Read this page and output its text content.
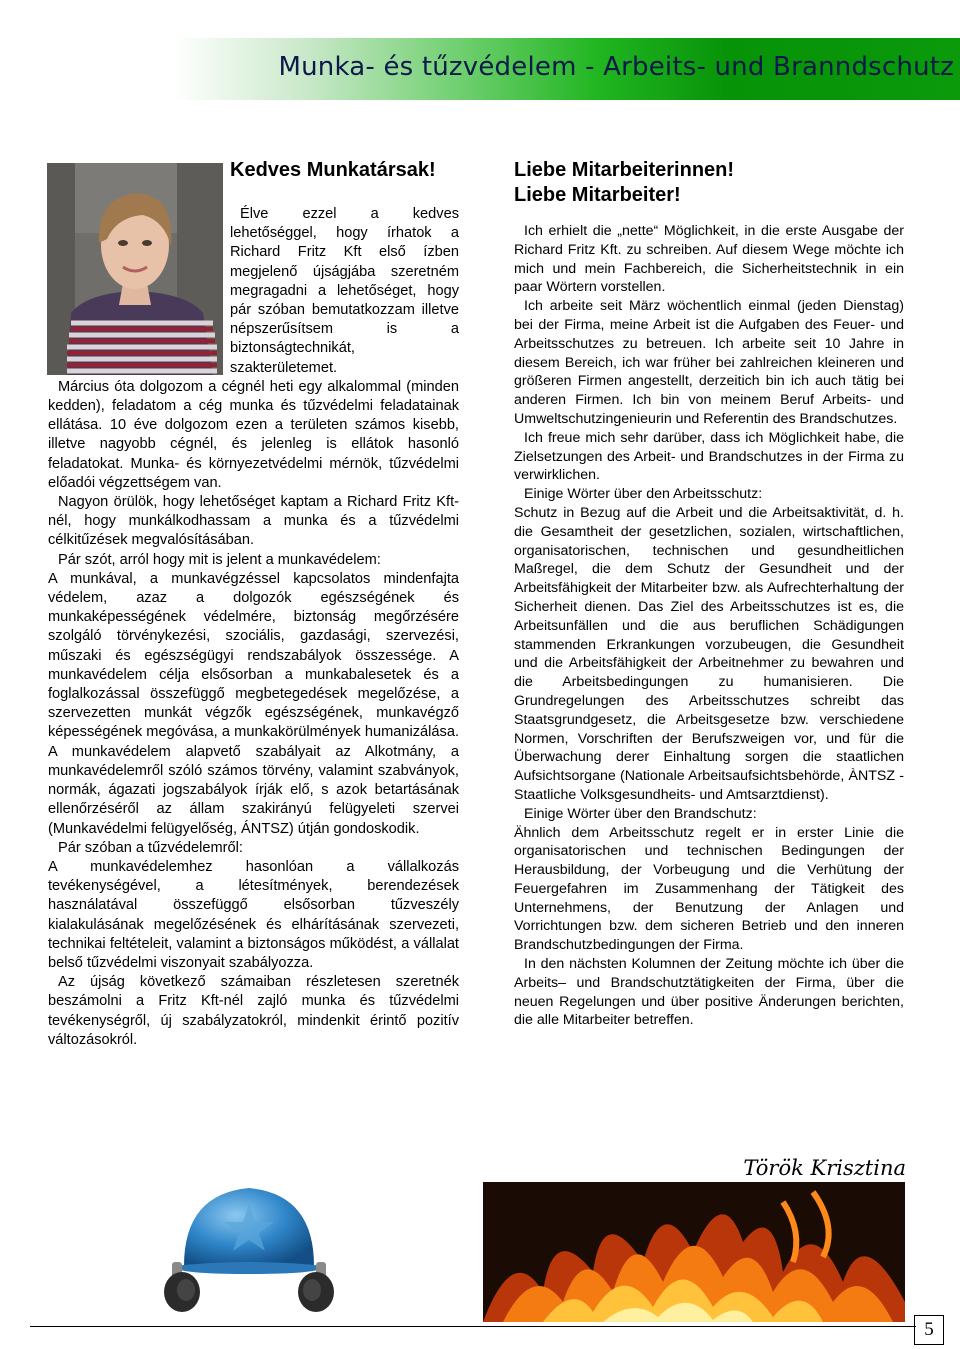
Munka- és tűzvédelem - Arbeits- und Branndschutz
Kedves Munkatársak!

Élve ezzel a kedves lehetőséggel, hogy írhatok a Richard Fritz Kft első ízben megjelenő újságjába szeretném megragadni a lehetőséget, hogy pár szóban bemutatkozzam illetve népszerűsítsem is a biztonságtechnikát, szakterületemet.

Március óta dolgozom a cégnél heti egy alkalommal (minden kedden), feladatom a cég munka és tűzvédelmi feladatainak ellátása. 10 éve dolgozom ezen a területen számos kisebb, illetve nagyobb cégnél, és jelenleg is ellátok hasonló feladatokat. Munka- és környezetvédelmi mérnök, tűzvédelmi előadói végzettségem van.

Nagyon örülök, hogy lehetőséget kaptam a Richard Fritz Kft-nél, hogy munkálkodhassam a munka és a tűzvédelmi célkitűzések megvalósításában.

Pár szót, arról hogy mit is jelent a munkavédelem:

A munkával, a munkavégzéssel kapcsolatos mindenfajta védelem, azaz a dolgozók egészségének és munkaképességének védelmére, biztonság megőrzésére szolgáló törvénykezési, szociális, gazdasági, szervezési, műszaki és egészségügyi rendszabályok összessége. A munkavédelem célja elsősorban a munkabalesetek és a foglalkozással összefüggő megbetegedések megelőzése, a szervezetten munkát végzők egészségének, munkavégző képességének megóvása, a munkakörülmények humanizálása. A munkavédelem alapvető szabályait az Alkotmány, a munkavédelemről szóló számos törvény, valamint szabványok, normák, ágazati jogszabályok írják elő, s azok betartásának ellenőrzéséről az állam szakirányú felügyeleti szervei (Munkavédelmi felügyelőség, ÁNTSZ) útján gondoskodik.

Pár szóban a tűzvédelemről:

A munkavédelemhez hasonlóan a vállalkozás tevékenységével, a létesítmények, berendezések használatával összefüggő elsősorban tűzveszély kialakulásának megelőzésének és elhárításának szervezeti, technikai feltételeit, valamint a biztonságos működést, a vállalat belső tűzvédelmi viszonyait szabályozza.

Az újság következő számaiban részletesen szeretnék beszámolni a Fritz Kft-nél zajló munka és tűzvédelmi tevékenységről, új szabályzatokról, mindenkit érintő pozitív változásokról.

Liebe Mitarbeiterinnen!
Liebe Mitarbeiter!

Ich erhielt die „nette“ Möglichkeit, in die erste Ausgabe der Richard Fritz Kft. zu schreiben. Auf diesem Wege möchte ich mich und mein Fachbereich, die Sicherheitstechnik in ein paar Wörtern vorstellen.

Ich arbeite seit März wöchentlich einmal (jeden Dienstag) bei der Firma, meine Arbeit ist die Aufgaben des Feuer- und Arbeitsschutzes zu betreuen. Ich arbeite seit 10 Jahre in diesem Bereich, ich war früher bei zahlreichen kleineren und größeren Firmen angestellt, derzeitich bin ich auch tätig bei anderen Firmen. Ich bin von meinem Beruf Arbeits- und Umweltschutzingenieurin und Referentin des Brandschutzes.

Ich freue mich sehr darüber, dass ich Möglichkeit habe, die Zielsetzungen des Arbeit- und Brandschutzes in der Firma zu verwirklichen.

Einige Wörter über den Arbeitsschutz:

Schutz in Bezug auf die Arbeit und die Arbeitsaktivität, d. h. die Gesamtheit der gesetzlichen, sozialen, wirtschaftlichen, organisatorischen, technischen und gesundheitlichen Maßregel, die dem Schutz der Gesundheit und der Arbeitsfähigkeit der Mitarbeiter bzw. als Aufrechterhaltung der Sicherheit dienen. Das Ziel des Arbeitsschutzes ist es, die Arbeitsunfällen und die aus beruflichen Schädigungen stammenden Erkrankungen vorzubeugen, die Gesundheit und die Arbeitsfähigkeit der Arbeitnehmer zu bewahren und die Arbeitsbedingungen zu humanisieren. Die Grundregelungen des Arbeitsschutzes schreibt das Staatsgrundgesetz, die Arbeitsgesetze bzw. verschiedene Normen, Vorschriften der Berufszweigen vor, und für die Überwachung derer Einhaltung sorgen die staatlichen Aufsichtsorgane (Nationale Arbeitsaufsichtsbehörde, ÀNTSZ - Staatliche Volksgesundheits- und Amtsarztdienst).

Einige Wörter über den Brandschutz:

Ähnlich dem Arbeitsschutz regelt er in erster Linie die organisatorischen und technischen Bedingungen der Herausbildung, der Vorbeugung und die Verhütung der Feuergefahren im Zusammenhang der Tätigkeit des Unternehmens, der Benutzung der Anlagen und Vorrichtungen bzw. dem sicheren Betrieb und den inneren Brandschutzbedingungen der Firma.

In den nächsten Kolumnen der Zeitung möchte ich über die Arbeits– und Brandschutztätigkeiten der Firma, über die neuen Regelungen und über positive Änderungen berichten, die alle Mitarbeiter betreffen.

Török Krisztina
5
